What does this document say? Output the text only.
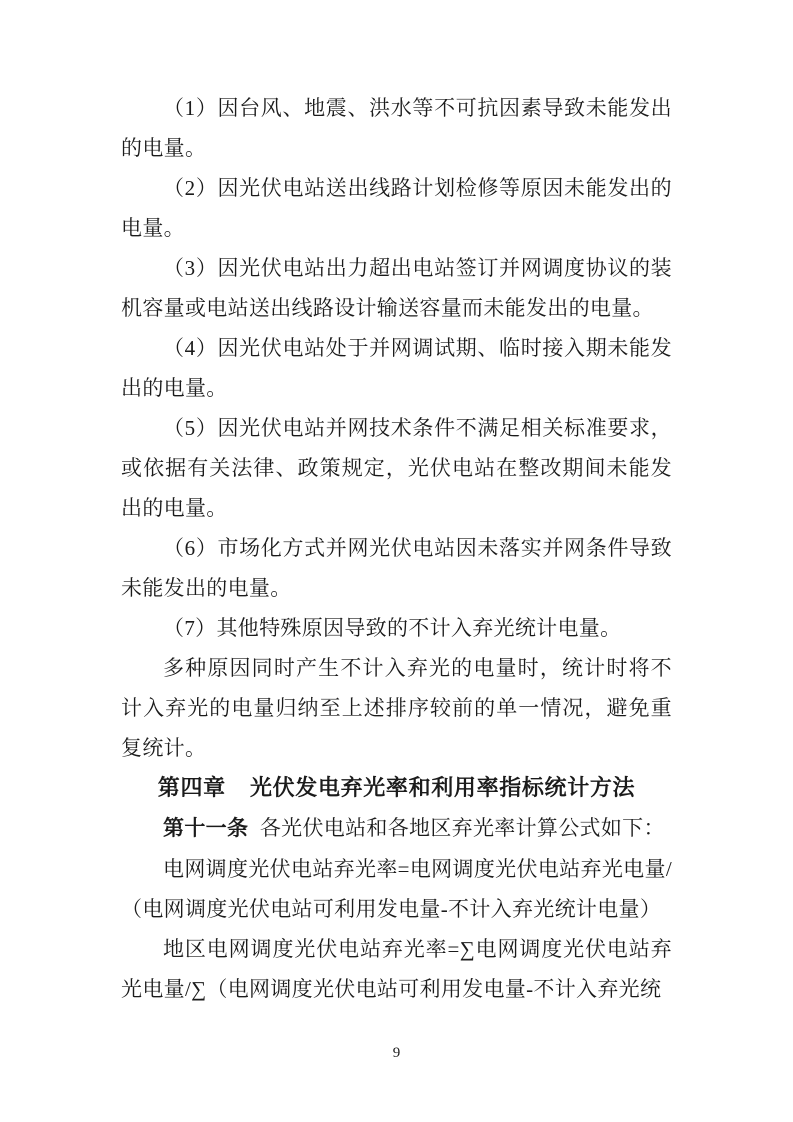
（1）因台风、地震、洪水等不可抗因素导致未能发出的电量。

（2）因光伏电站送出线路计划检修等原因未能发出的电量。

（3）因光伏电站出力超出电站签订并网调度协议的装机容量或电站送出线路设计输送容量而未能发出的电量。

（4）因光伏电站处于并网调试期、临时接入期未能发出的电量。

（5）因光伏电站并网技术条件不满足相关标准要求，或依据有关法律、政策规定，光伏电站在整改期间未能发出的电量。

（6）市场化方式并网光伏电站因未落实并网条件导致未能发出的电量。

（7）其他特殊原因导致的不计入弃光统计电量。

多种原因同时产生不计入弃光的电量时，统计时将不计入弃光的电量归纳至上述排序较前的单一情况，避免重复统计。

第四章 光伏发电弃光率和利用率指标统计方法

第十一条 各光伏电站和各地区弃光率计算公式如下：

电网调度光伏电站弃光率=电网调度光伏电站弃光电量/（电网调度光伏电站可利用发电量-不计入弃光统计电量）

地区电网调度光伏电站弃光率=∑电网调度光伏电站弃光电量/∑（电网调度光伏电站可利用发电量-不计入弃光统

9
